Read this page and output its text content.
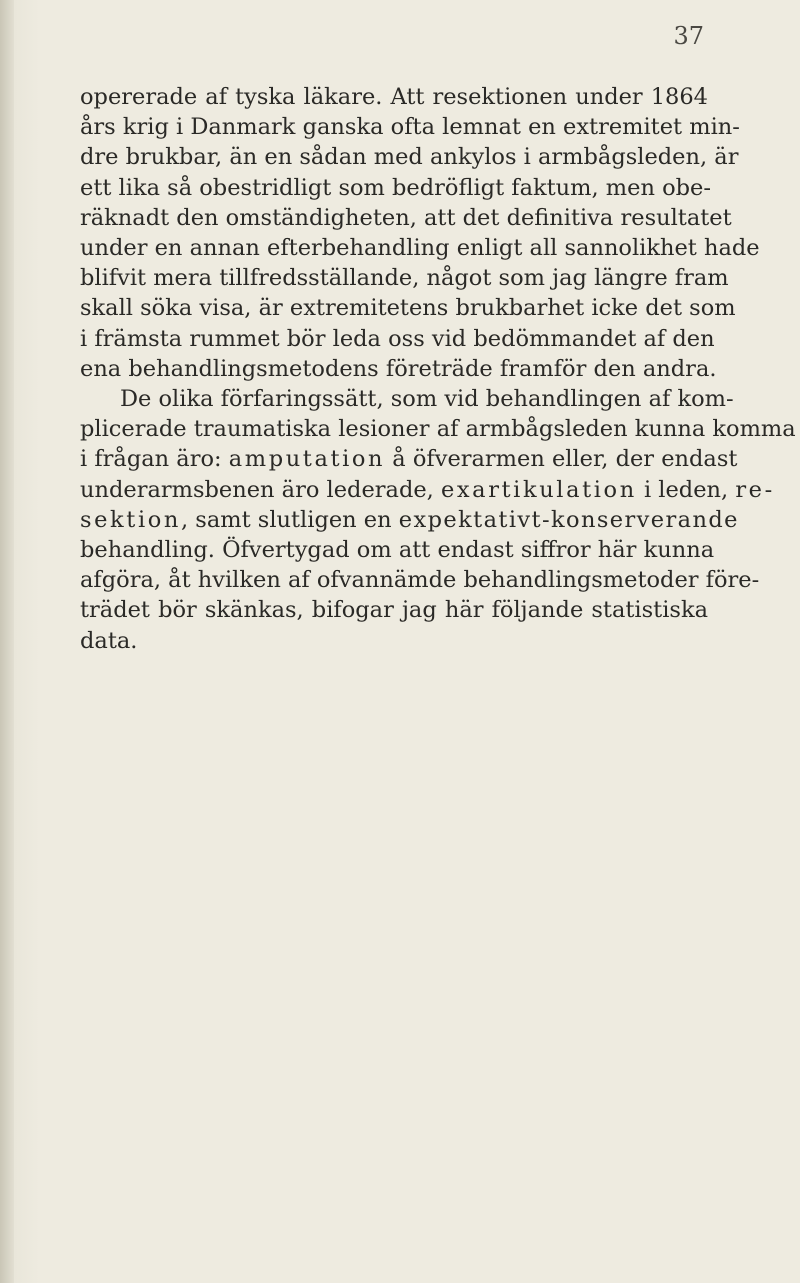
37
opererade af tyska läkare. Att resektionen under 1864
års krig i Danmark ganska ofta lemnat en extremitet min-
dre brukbar, än en sådan med ankylos i armbågsleden, är
ett lika så obestridligt som bedröfligt faktum, men obe-
räknadt den omständigheten, att det definitiva resultatet
under en annan efterbehandling enligt all sannolikhet hade
blifvit mera tillfredsställande, något som jag längre fram
skall söka visa, är extremitetens brukbarhet icke det som
i främsta rummet bör leda oss vid bedömmandet af den
ena behandlingsmetodens företräde framför den andra.
De olika förfaringssätt, som vid behandlingen af kom-
plicerade traumatiska lesioner af armbågsleden kunna komma
i frågan äro: amputation å öfverarmen eller, der endast
underarmsbenen äro lederade, exartikulation i leden, re-
sektion, samt slutligen en expektativt-konserverande
behandling. Öfvertygad om att endast siffror här kunna
afgöra, åt hvilken af ofvannämde behandlingsmetoder före-
trädet bör skänkas, bifogar jag här följande statistiska
data.
